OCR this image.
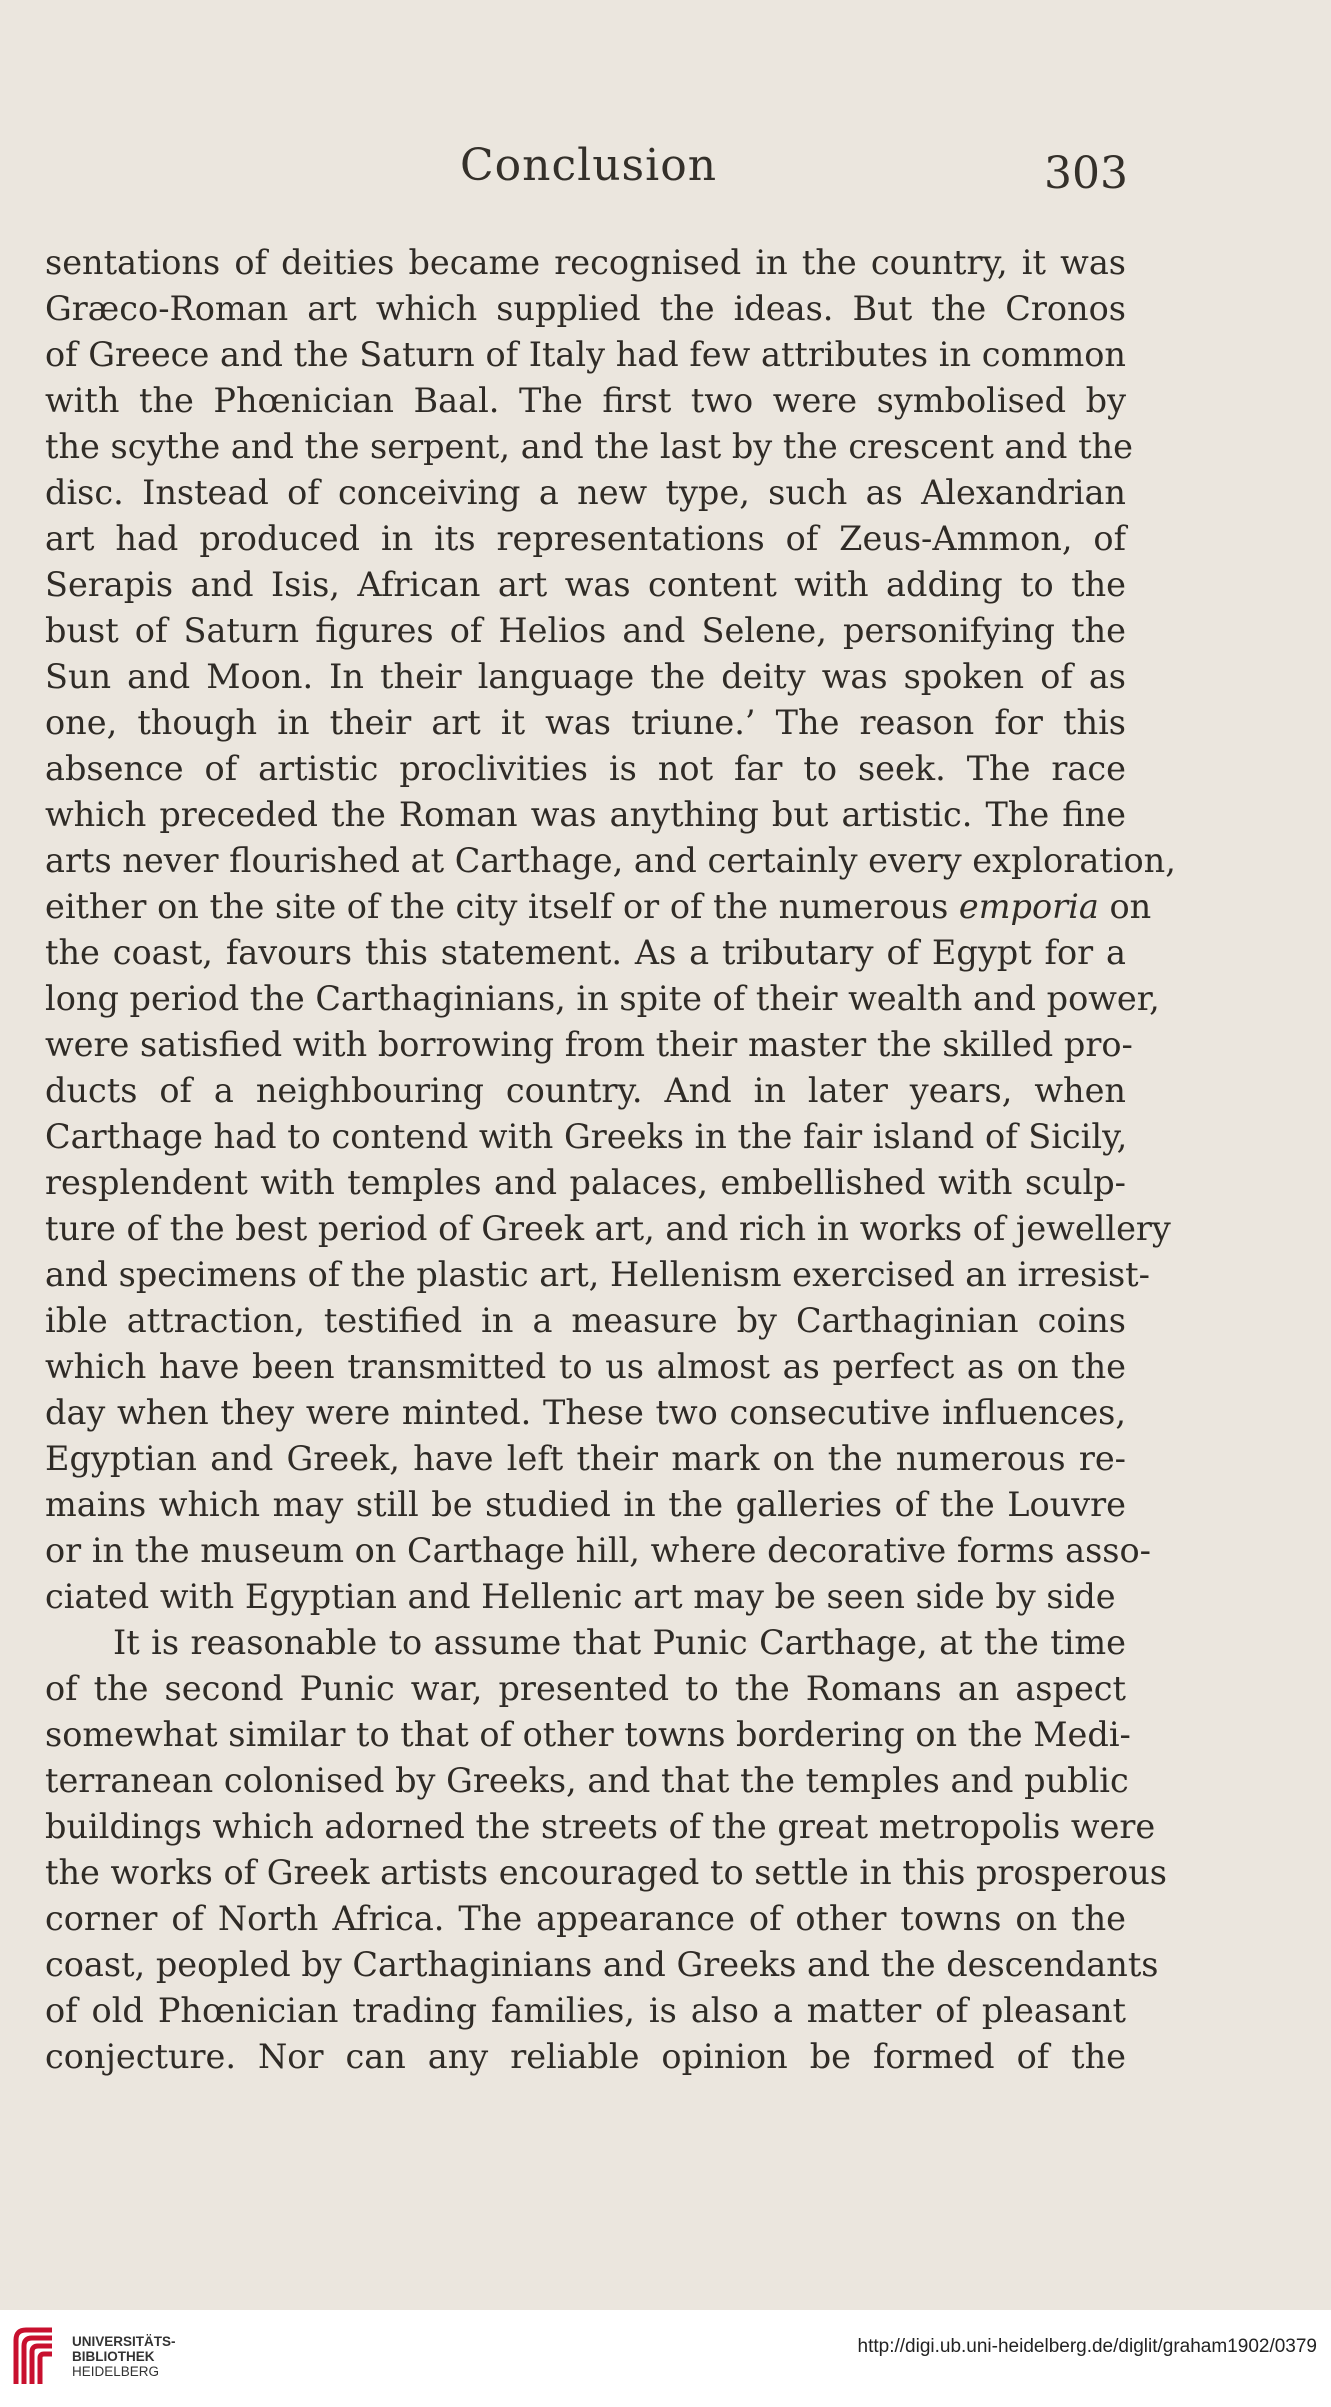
Conclusion	303
sentations of deities became recognised in the country, it was
Græco-Roman art which supplied the ideas. But the Cronos
of Greece and the Saturn of Italy had few attributes in common
with the Phœnician Baal. The first two were symbolised by
the scythe and the serpent, and the last by the crescent and the
disc. Instead of conceiving a new type, such as Alexandrian
art had produced in its representations of Zeus-Ammon, of
Serapis and Isis, African art was content with adding to the
bust of Saturn figures of Helios and Selene, personifying the
Sun and Moon. In their language the deity was spoken of as
one, though in their art it was triune.’ The reason for this
absence of artistic proclivities is not far to seek. The race
which preceded the Roman was anything but artistic. The fine
arts never flourished at Carthage, and certainly every exploration,
either on the site of the city itself or of the numerous emporia on
the coast, favours this statement. As a tributary of Egypt for a
long period the Carthaginians, in spite of their wealth and power,
were satisfied with borrowing from their master the skilled pro-
ducts of a neighbouring country. And in later years, when
Carthage had to contend with Greeks in the fair island of Sicily,
resplendent with temples and palaces, embellished with sculp-
ture of the best period of Greek art, and rich in works of jewellery
and specimens of the plastic art, Hellenism exercised an irresist-
ible attraction, testified in a measure by Carthaginian coins
which have been transmitted to us almost as perfect as on the
day when they were minted. These two consecutive influences,
Egyptian and Greek, have left their mark on the numerous re-
mains which may still be studied in the galleries of the Louvre
or in the museum on Carthage hill, where decorative forms asso-
ciated with Egyptian and Hellenic art may be seen side by side
It is reasonable to assume that Punic Carthage, at the time
of the second Punic war, presented to the Romans an aspect
somewhat similar to that of other towns bordering on the Medi-
terranean colonised by Greeks, and that the temples and public
buildings which adorned the streets of the great metropolis were
the works of Greek artists encouraged to settle in this prosperous
corner of North Africa. The appearance of other towns on the
coast, peopled by Carthaginians and Greeks and the descendants
of old Phœnician trading families, is also a matter of pleasant
conjecture. Nor can any reliable opinion be formed of the
UNIVERSITÄTS-
BIBLIOTHEK
HEIDELBERG
http://digi.ub.uni-heidelberg.de/diglit/graham1902/0379
